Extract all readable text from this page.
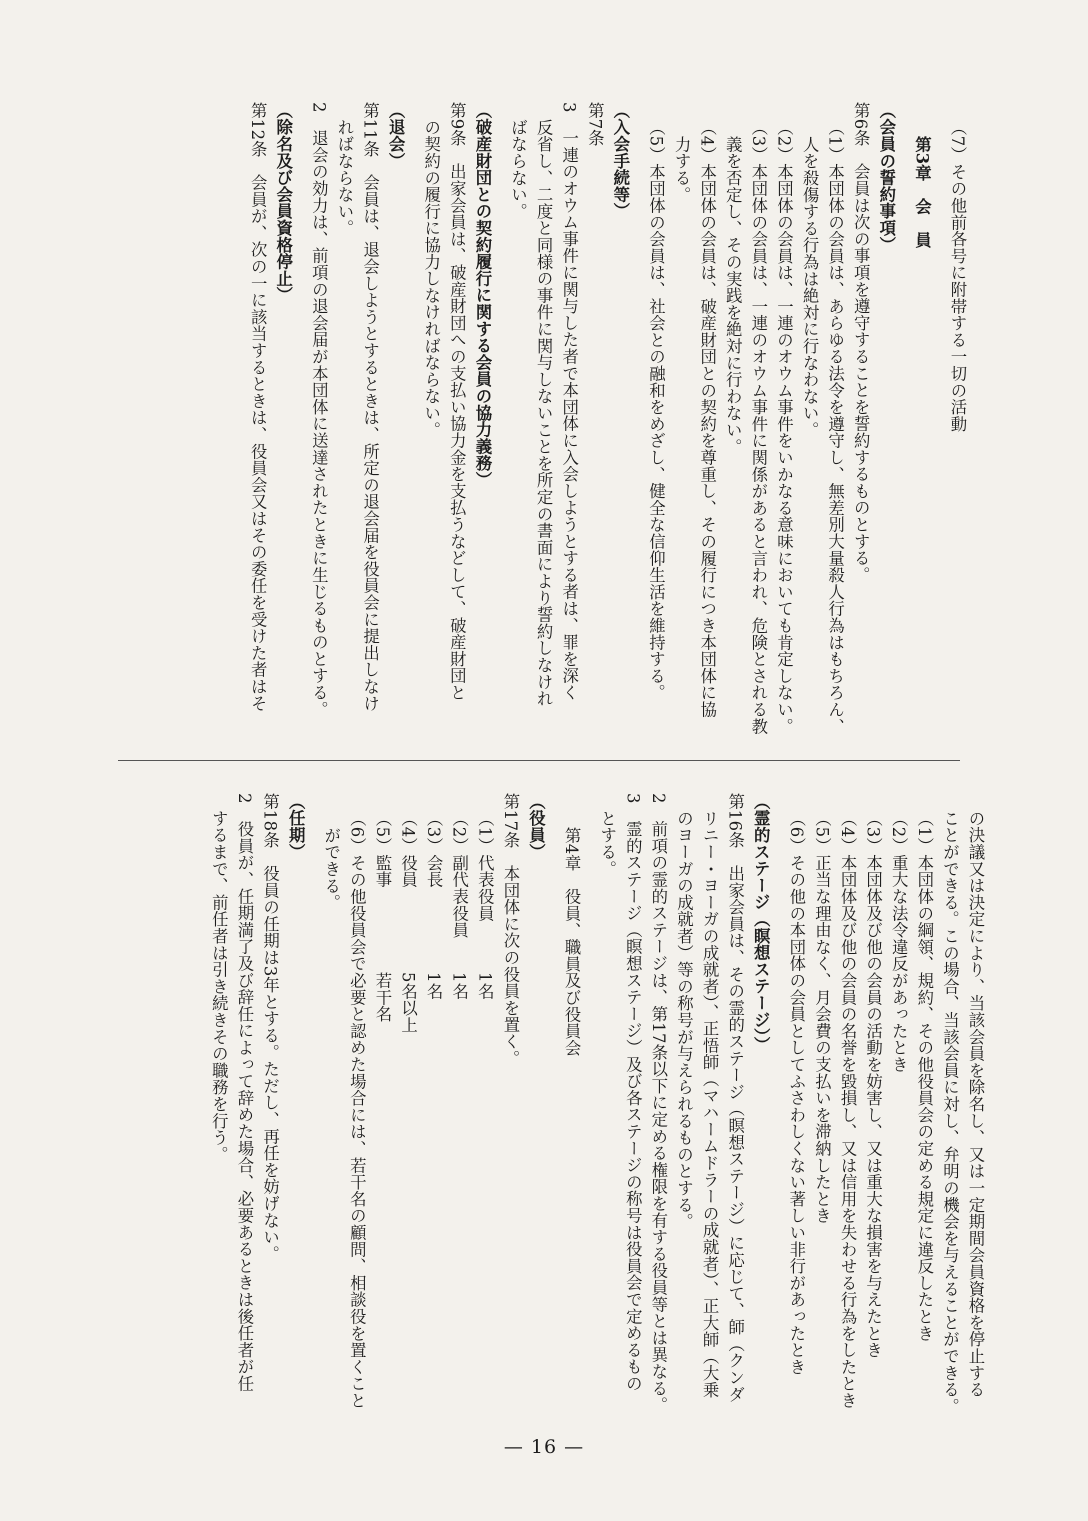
（7）その他前各号に附帯する一切の活動
第3章　会　員
（会員の誓約事項）
第6条　会員は次の事項を遵守することを誓約するものとする。
（1）本団体の会員は、あらゆる法令を遵守し、無差別大量殺人行為はもちろん、
人を殺傷する行為は絶対に行なわない。
（2）本団体の会員は、一連のオウム事件をいかなる意味においても肯定しない。
（3）本団体の会員は、一連のオウム事件に関係があると言われ、危険とされる教
義を否定し、その実践を絶対に行わない。
（4）本団体の会員は、破産財団との契約を尊重し、その履行につき本団体に協
力する。
（5）本団体の会員は、社会との融和をめざし、健全な信仰生活を維持する。
（入会手続等）
第7条
3　一連のオウム事件に関与した者で本団体に入会しようとする者は、罪を深く
反省し、二度と同様の事件に関与しないことを所定の書面により誓約しなけれ
ばならない。
（破産財団との契約履行に関する会員の協力義務）
第9条　出家会員は、破産財団への支払い協力金を支払うなどして、破産財団と
の契約の履行に協力しなければならない。
（退会）
第11条　会員は、退会しようとするときは、所定の退会届を役員会に提出しなけ
ればならない。
2　退会の効力は、前項の退会届が本団体に送達されたときに生じるものとする。
（除名及び会員資格停止）
第12条　会員が、次の一に該当するときは、役員会又はその委任を受けた者はそ
の決議又は決定により、当該会員を除名し、又は一定期間会員資格を停止する
ことができる。この場合、当該会員に対し、弁明の機会を与えることができる。
（1）本団体の綱領、規約、その他役員会の定める規定に違反したとき
（2）重大な法令違反があったとき
（3）本団体及び他の会員の活動を妨害し、又は重大な損害を与えたとき
（4）本団体及び他の会員の名誉を毀損し、又は信用を失わせる行為をしたとき
（5）正当な理由なく、月会費の支払いを滞納したとき
（6）その他の本団体の会員としてふさわしくない著しい非行があったとき
（霊的ステージ（瞑想ステージ））
第16条　出家会員は、その霊的ステージ（瞑想ステージ）に応じて、師（クンダ
リニー・ヨーガの成就者）、正悟師（マハームドラーの成就者）、正大師（大乗
のヨーガの成就者）等の称号が与えられるものとする。
2　前項の霊的ステージは、第17条以下に定める権限を有する役員等とは異なる。
3　霊的ステージ（瞑想ステージ）及び各ステージの称号は役員会で定めるもの
とする。
第4章　役員、職員及び役員会
（役員）
第17条　本団体に次の役員を置く。
（1）代表役員　　　1名
（2）副代表役員　　1名
（3）会長　　　　　1名
（4）役員　　　　　5名以上
（5）監事　　　　　若干名
（6）その他役員会で必要と認めた場合には、若干名の顧問、相談役を置くこと
ができる。
（任期）
第18条　役員の任期は3年とする。ただし、再任を妨げない。
2　役員が、任期満了及び辞任によって辞めた場合、必要あるときは後任者が任
するまで、前任者は引き続きその職務を行う。
— 16 —
